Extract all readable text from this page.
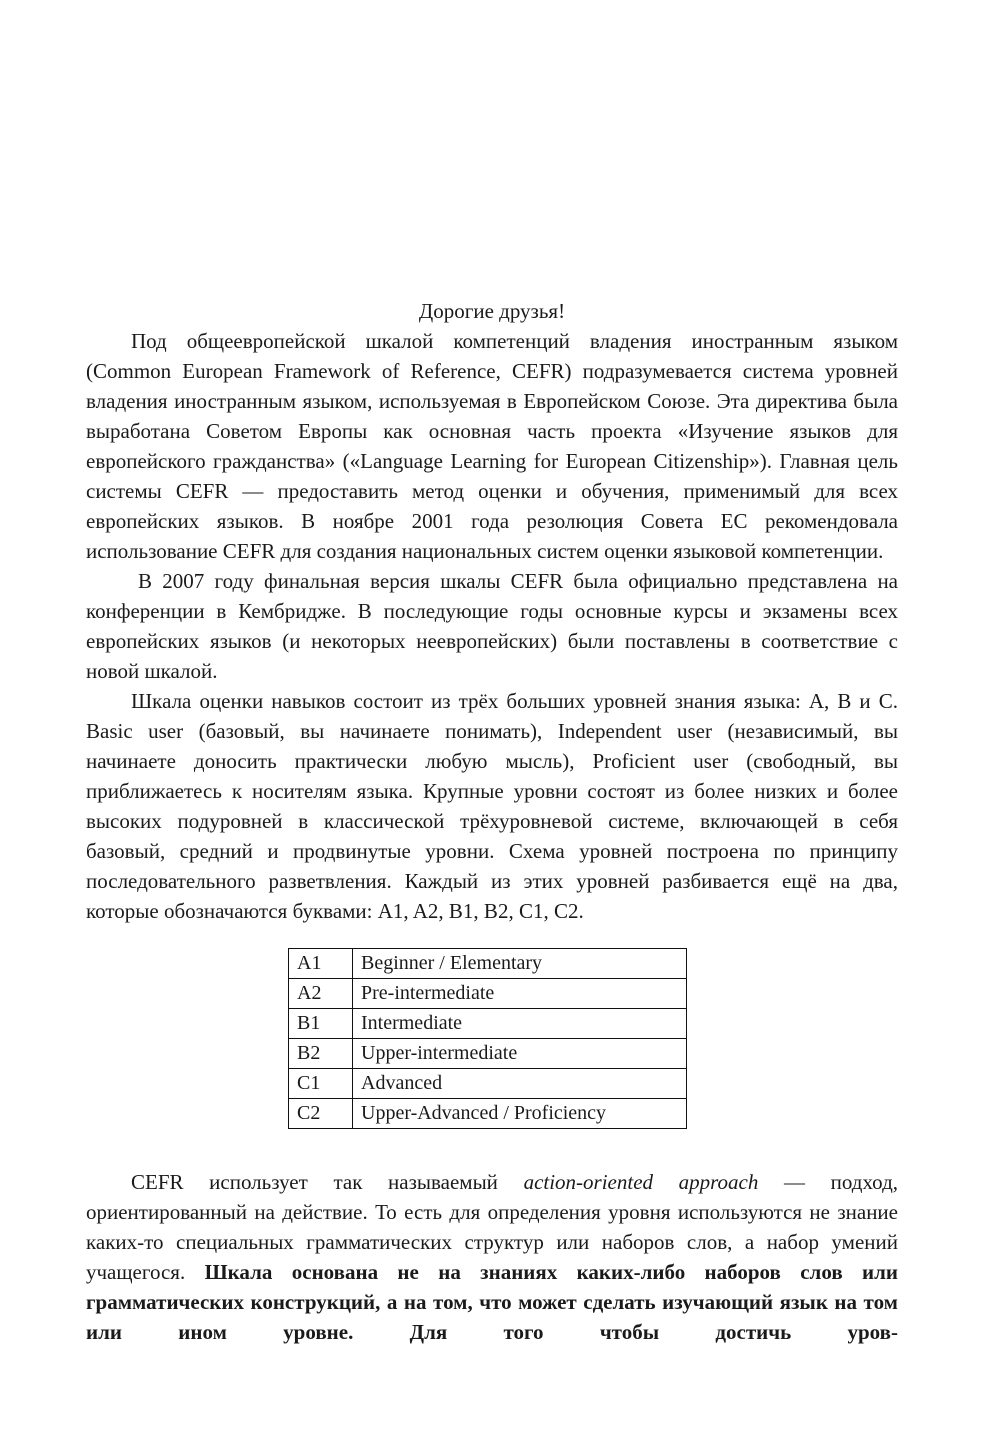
Дорогие друзья!

Под общеевропейской шкалой компетенций владения иностранным языком (Common European Framework of Reference, CEFR) подразумевается система уровней владения иностранным языком, используемая в Европейском Союзе. Эта директива была выработана Советом Европы как основная часть проекта «Изучение языков для европейского гражданства» («Language Learning for European Citizenship»). Главная цель системы CEFR — предоставить метод оценки и обучения, применимый для всех европейских языков. В ноябре 2001 года резолюция Совета ЕС рекомендовала использование CEFR для создания национальных систем оценки языковой компетенции.

В 2007 году финальная версия шкалы CEFR была официально представлена на конференции в Кембридже. В последующие годы основные курсы и экзамены всех европейских языков (и некоторых неевропейских) были поставлены в соответствие с новой шкалой.

Шкала оценки навыков состоит из трёх больших уровней знания языка: A, B и C. Basic user (базовый, вы начинаете понимать), Independent user (независимый, вы начинаете доносить практически любую мысль), Proficient user (свободный, вы приближаетесь к носителям языка. Крупные уровни состоят из более низких и более высоких подуровней в классической трёхуровневой системе, включающей в себя базовый, средний и продвинутые уровни. Схема уровней построена по принципу последовательного разветвления. Каждый из этих уровней разбивается ещё на два, которые обозначаются буквами: A1, A2, B1, B2, C1, C2.

A1	Beginner / Elementary
A2	Pre-intermediate
B1	Intermediate
B2	Upper-intermediate
C1	Advanced
C2	Upper-Advanced / Proficiency

CEFR использует так называемый action-oriented approach — подход, ориентированный на действие. То есть для определения уровня используются не знание каких-то специальных грамматических структур или наборов слов, а набор умений учащегося. Шкала основана не на знаниях каких-либо наборов слов или грамматических конструкций, а на том, что может сделать изучающий язык на том или ином уровне. Для того чтобы достичь уров-
